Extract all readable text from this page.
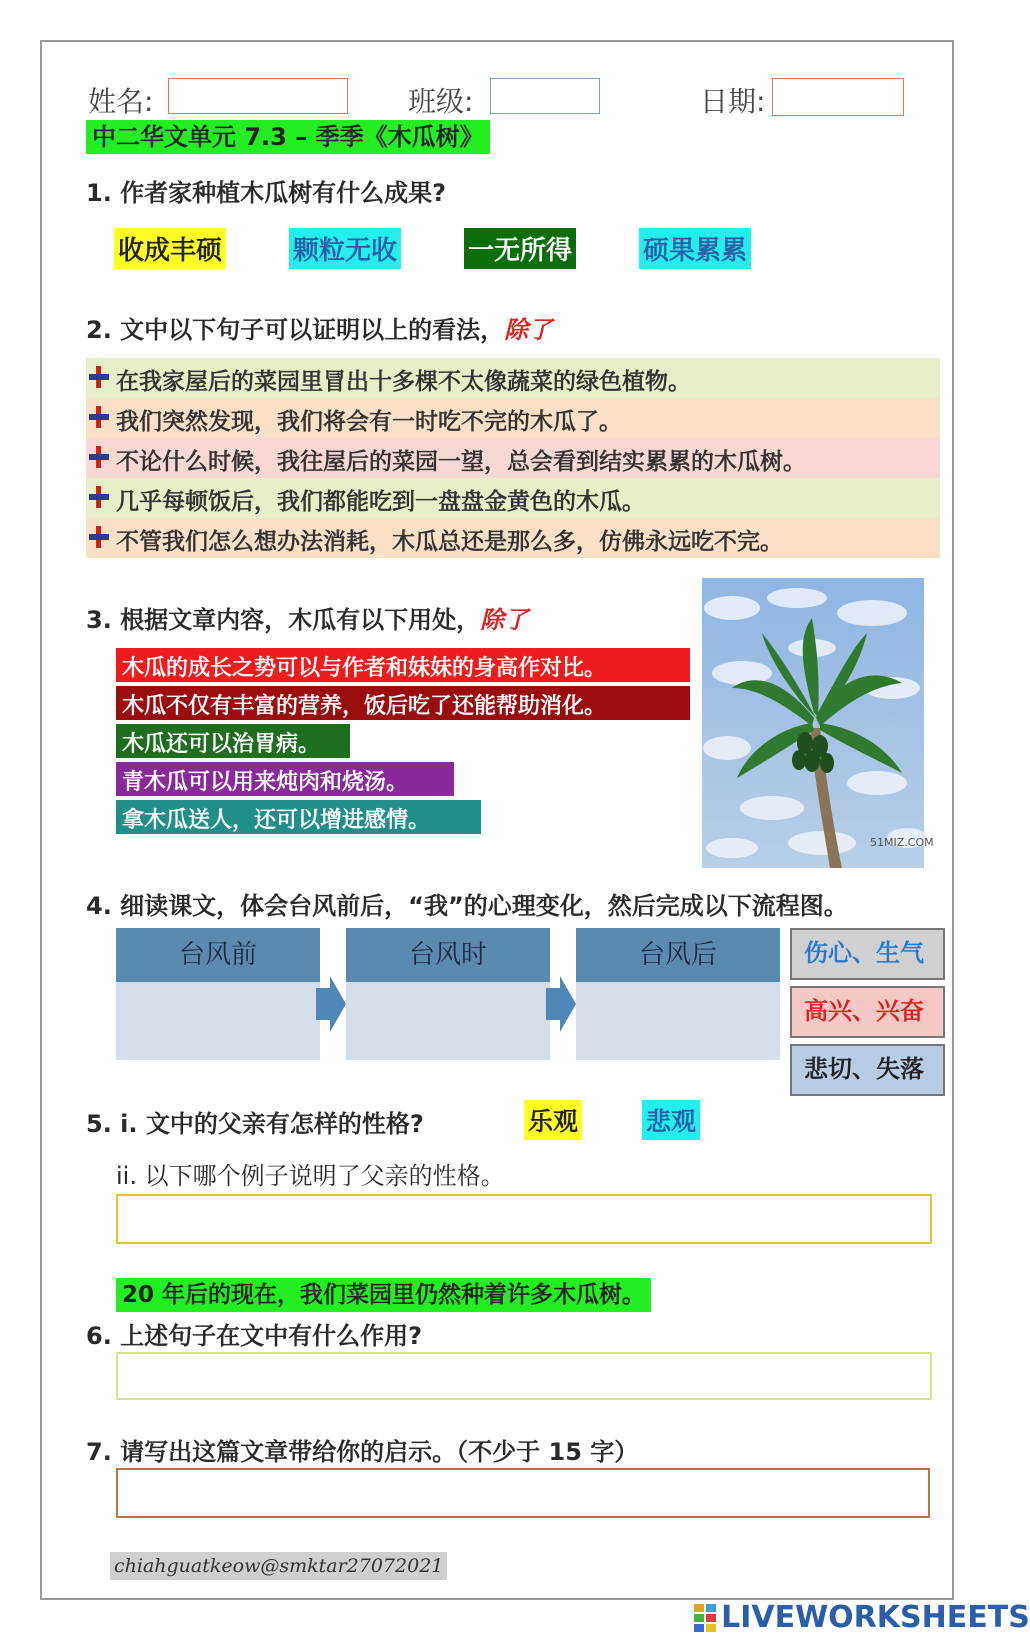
姓名:	班级:	日期:
中二华文单元 7.3 – 季季《木瓜树》
1. 作者家种植木瓜树有什么成果?
收成丰硕	颗粒无收	一无所得	硕果累累
2. 文中以下句子可以证明以上的看法，除了
在我家屋后的菜园里冒出十多棵不太像蔬菜的绿色植物。
我们突然发现，我们将会有一时吃不完的木瓜了。
不论什么时候，我往屋后的菜园一望，总会看到结实累累的木瓜树。
几乎每顿饭后，我们都能吃到一盘盘金黄色的木瓜。
不管我们怎么想办法消耗，木瓜总还是那么多，仿佛永远吃不完。
3. 根据文章内容，木瓜有以下用处，除了
木瓜的成长之势可以与作者和妹妹的身高作对比。
木瓜不仅有丰富的营养，饭后吃了还能帮助消化。
木瓜还可以治胃病。
青木瓜可以用来炖肉和烧汤。
拿木瓜送人，还可以增进感情。
51MIZ.COM
4. 细读课文，体会台风前后，“我”的心理变化，然后完成以下流程图。
台风前	台风时	台风后	伤心、生气
高兴、兴奋
悲切、失落
5. i. 文中的父亲有怎样的性格?	乐观	悲观
ii. 以下哪个例子说明了父亲的性格。
20 年后的现在，我们菜园里仍然种着许多木瓜树。
6. 上述句子在文中有什么作用?
7. 请写出这篇文章带给你的启示。（不少于 15 字）
chiahguatkeow@smktar27072021
LIVEWORKSHEETS
